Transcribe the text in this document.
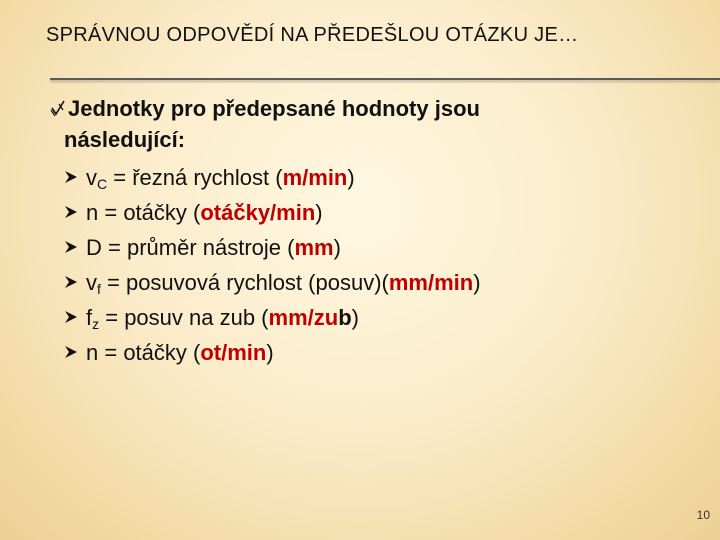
SPRÁVNOU ODPOVĚDÍ NA PŘEDEŠLOU OTÁZKU JE…
Jednotky pro předepsané hodnoty jsou
následující:
$v_C$ = řezná rychlost (m/min)
n = otáčky (otáčky/min)
D = průměr nástroje (mm)
$v_f$ = posuvová rychlost (posuv)(mm/min)
$f_z$ = posuv na zub (mm/zub)
n = otáčky (ot/min)
10
